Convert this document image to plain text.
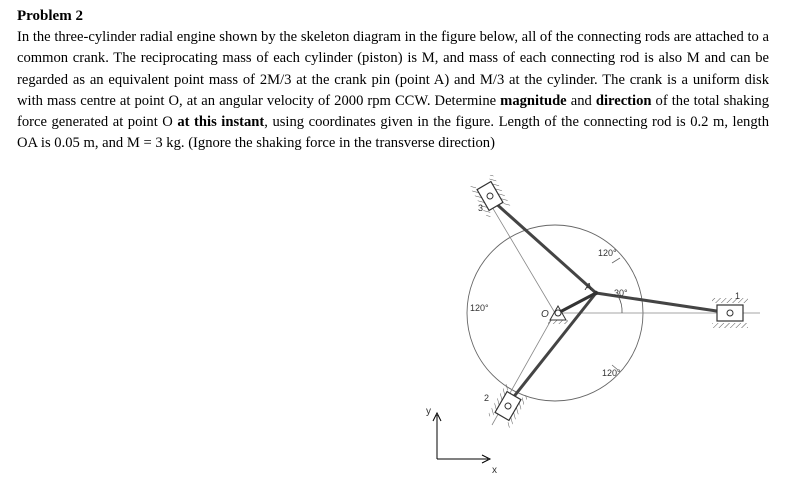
Problem 2

In the three-cylinder radial engine shown by the skeleton diagram in the figure below, all of the connecting rods are attached to a common crank. The reciprocating mass of each cylinder (piston) is M, and mass of each connecting rod is also M and can be regarded as an equivalent point mass of 2M/3 at the crank pin (point A) and M/3 at the cylinder. The crank is a uniform disk with mass centre at point O, at an angular velocity of 2000 rpm CCW. Determine magnitude and direction of the total shaking force generated at point O at this instant, using coordinates given in the figure. Length of the connecting rod is 0.2 m, length OA is 0.05 m, and M = 3 kg. (Ignore the shaking force in the transverse direction)

120°
120°
120°
30°
A
O
1
2
3
y
x
